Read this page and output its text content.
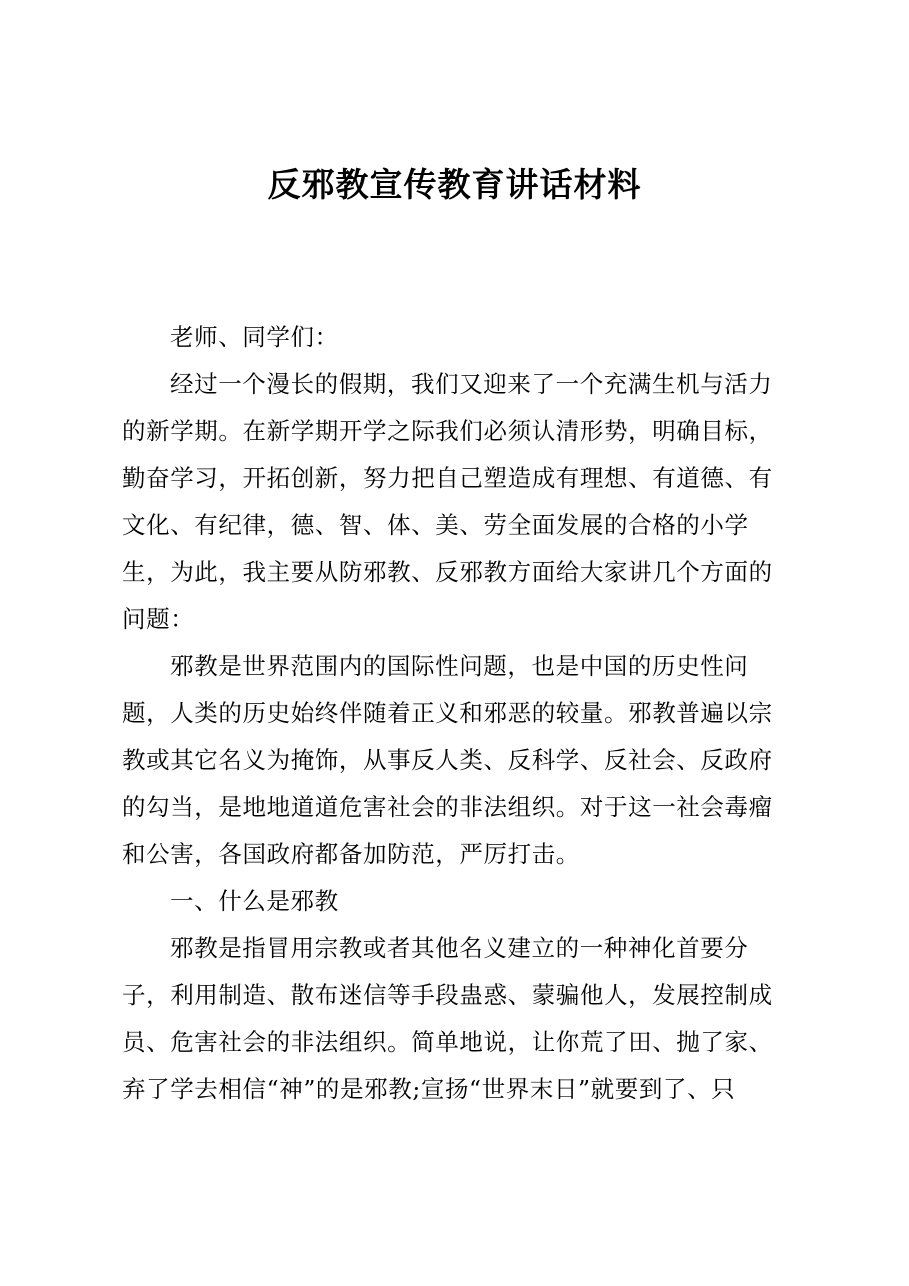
反邪教宣传教育讲话材料
老师、同学们：
经过一个漫长的假期，我们又迎来了一个充满生机与活力
的新学期。在新学期开学之际我们必须认清形势，明确目标，
勤奋学习，开拓创新，努力把自己塑造成有理想、有道德、有
文化、有纪律，德、智、体、美、劳全面发展的合格的小学
生，为此，我主要从防邪教、反邪教方面给大家讲几个方面的
问题：
邪教是世界范围内的国际性问题，也是中国的历史性问
题，人类的历史始终伴随着正义和邪恶的较量。邪教普遍以宗
教或其它名义为掩饰，从事反人类、反科学、反社会、反政府
的勾当，是地地道道危害社会的非法组织。对于这一社会毒瘤
和公害，各国政府都备加防范，严厉打击。
一、什么是邪教
邪教是指冒用宗教或者其他名义建立的一种神化首要分
子，利用制造、散布迷信等手段蛊惑、蒙骗他人，发展控制成
员、危害社会的非法组织。简单地说，让你荒了田、抛了家、
弃了学去相信“神”的是邪教;宣扬“世界末日”就要到了、只
